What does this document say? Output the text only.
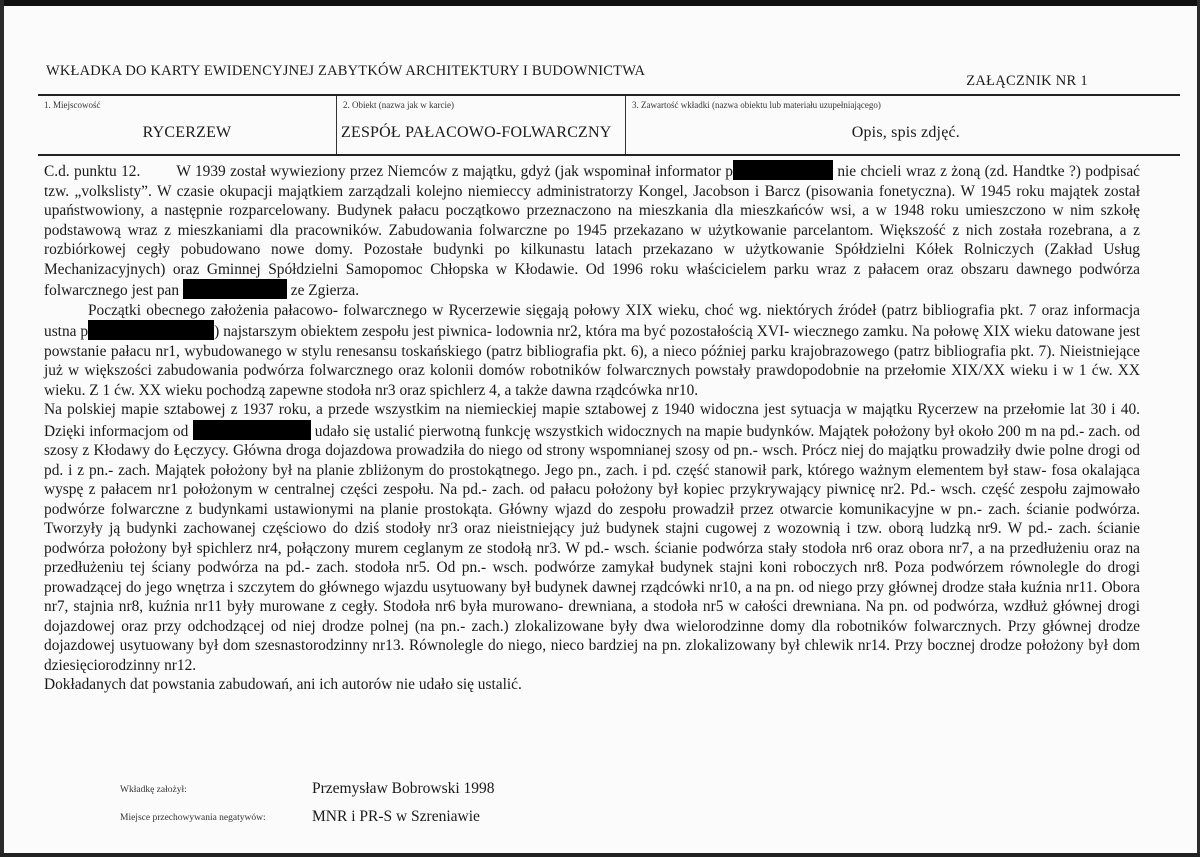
WKŁADKA DO KARTY EWIDENCYJNEJ ZABYTKÓW ARCHITEKTURY I BUDOWNICTWA
ZAŁĄCZNIK NR 1
1. Miejscowość
RYCERZEW
2. Obiekt (nazwa jak w karcie)
ZESPÓŁ PAŁACOWO-FOLWARCZNY
3. Zawartość wkładki (nazwa obiektu lub materiału uzupełniającego)
Opis, spis zdjęć.

C.d. punktu 12. W 1939 został wywieziony przez Niemców z majątku, gdyż (jak wspominał informator p	nie chcieli wraz z żoną (zd. Handtke ?) podpisać tzw. „volkslisty”. W czasie okupacji majątkiem zarządzali kolejno niemieccy administratorzy Kongel, Jacobson i Barcz (pisowania fonetyczna). W 1945 roku majątek został upaństwowiony, a następnie rozparcelowany. Budynek pałacu początkowo przeznaczono na mieszkania dla mieszkańców wsi, a w 1948 roku umieszczono w nim szkołę podstawową wraz z mieszkaniami dla pracowników. Zabudowania folwarczne po 1945 przekazano w użytkowanie parcelantom. Większość z nich została rozebrana, a z rozbiórkowej cegły pobudowano nowe domy. Pozostałe budynki po kilkunastu latach przekazano w użytkowanie Spółdzielni Kółek Rolniczych (Zakład Usług Mechanizacyjnych) oraz Gminnej Spółdzielni Samopomoc Chłopska w Kłodawie. Od 1996 roku właścicielem parku wraz z pałacem oraz obszaru dawnego podwórza folwarcznego jest pan	ze Zgierza.

Początki obecnego założenia pałacowo- folwarcznego w Rycerzewie sięgają połowy XIX wieku, choć wg. niektórych źródeł (patrz bibliografia pkt. 7 oraz informacja ustna p	) najstarszym obiektem zespołu jest piwnica- lodownia nr2, która ma być pozostałością XVI- wiecznego zamku. Na połowę XIX wieku datowane jest powstanie pałacu nr1, wybudowanego w stylu renesansu toskańskiego (patrz bibliografia pkt. 6), a nieco później parku krajobrazowego (patrz bibliografia pkt. 7). Nieistniejące już w większości zabudowania podwórza folwarcznego oraz kolonii domów robotników folwarcznych powstały prawdopodobnie na przełomie XIX/XX wieku i w 1 ćw. XX wieku. Z 1 ćw. XX wieku pochodzą zapewne stodoła nr3 oraz spichlerz 4, a także dawna rządcówka nr10.

Na polskiej mapie sztabowej z 1937 roku, a przede wszystkim na niemieckiej mapie sztabowej z 1940 widoczna jest sytuacja w majątku Rycerzew na przełomie lat 30 i 40. Dzięki informacjom od	udało się ustalić pierwotną funkcję wszystkich widocznych na mapie budynków. Majątek położony był około 200 m na pd.- zach. od szosy z Kłodawy do Łęczycy. Główna droga dojazdowa prowadziła do niego od strony wspomnianej szosy od pn.- wsch. Prócz niej do majątku prowadziły dwie polne drogi od pd. i z pn.- zach. Majątek położony był na planie zbliżonym do prostokątnego. Jego pn., zach. i pd. część stanowił park, którego ważnym elementem był staw- fosa okalająca wyspę z pałacem nr1 położonym w centralnej części zespołu. Na pd.- zach. od pałacu położony był kopiec przykrywający piwnicę nr2. Pd.- wsch. część zespołu zajmowało podwórze folwarczne z budynkami ustawionymi na planie prostokąta. Główny wjazd do zespołu prowadził przez otwarcie komunikacyjne w pn.- zach. ścianie podwórza. Tworzyły ją budynki zachowanej częściowo do dziś stodoły nr3 oraz nieistniejący już budynek stajni cugowej z wozownią i tzw. oborą ludzką nr9. W pd.- zach. ścianie podwórza położony był spichlerz nr4, połączony murem ceglanym ze stodołą nr3. W pd.- wsch. ścianie podwórza stały stodoła nr6 oraz obora nr7, a na przedłużeniu oraz na przedłużeniu tej ściany podwórza na pd.- zach. stodoła nr5. Od pn.- wsch. podwórze zamykał budynek stajni koni roboczych nr8. Poza podwórzem równolegle do drogi prowadzącej do jego wnętrza i szczytem do głównego wjazdu usytuowany był budynek dawnej rządcówki nr10, a na pn. od niego przy głównej drodze stała kuźnia nr11. Obora nr7, stajnia nr8, kuźnia nr11 były murowane z cegły. Stodoła nr6 była murowano- drewniana, a stodoła nr5 w całości drewniana. Na pn. od podwórza, wzdłuż głównej drogi dojazdowej oraz przy odchodzącej od niej drodze polnej (na pn.- zach.) zlokalizowane były dwa wielorodzinne domy dla robotników folwarcznych. Przy głównej drodze dojazdowej usytuowany był dom szesnastorodzinny nr13. Równolegle do niego, nieco bardziej na pn. zlokalizowany był chlewik nr14. Przy bocznej drodze położony był dom dziesięciorodzinny nr12.

Dokładanych dat powstania zabudowań, ani ich autorów nie udało się ustalić.

Wkładkę założył:	Przemysław Bobrowski 1998
Miejsce przechowywania negatywów:	MNR i PR-S w Szreniawie
